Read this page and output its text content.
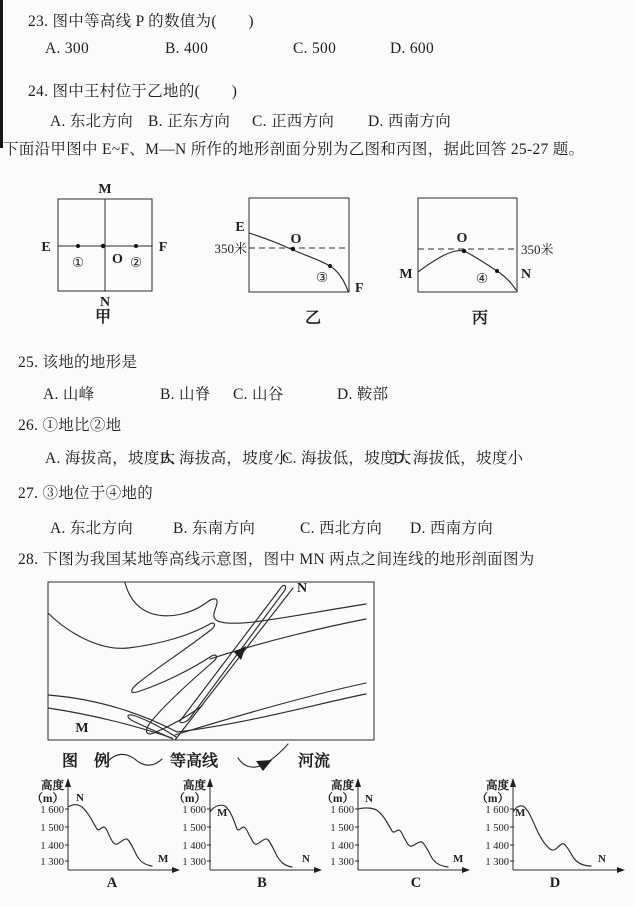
23. 图中等高线 P 的数值为(　　)
A. 300	B. 400	C. 500	D. 600
24. 图中王村位于乙地的(　　)
A. 东北方向 B. 正东方向 C. 正西方向 D. 西南方向
下面沿甲图中 E~F、M—N 所作的地形剖面分别为乙图和丙图，据此回答 25-27 题。
M
N
E	F
O
①	②
甲
E
350米
O
③
F
乙
O
350米
M	N
④
丙
25. 该地的地形是
A. 山峰	B. 山脊 C. 山谷	D. 鞍部
26. ①地比②地
A. 海拔高，坡度大
B. 海拔高，坡度小
C. 海拔低，坡度大
D. 海拔低，坡度小
27. ③地位于④地的
A. 东北方向	B. 东南方向	C. 西北方向 D. 西南方向
28. 下图为我国某地等高线示意图，图中 MN 两点之间连线的地形剖面图为
N
M
图　例	等高线	河流
高度
（m）
1 600
1 500
1 400
1 300
N
M
A
高度
（m）
1 600
1 500
1 400
1 300
M
N
B
高度
（m）
1 600
1 500
1 400
1 300
N
M
C
高度
（m）
1 600
1 500
1 400
1 300
M
N
D
